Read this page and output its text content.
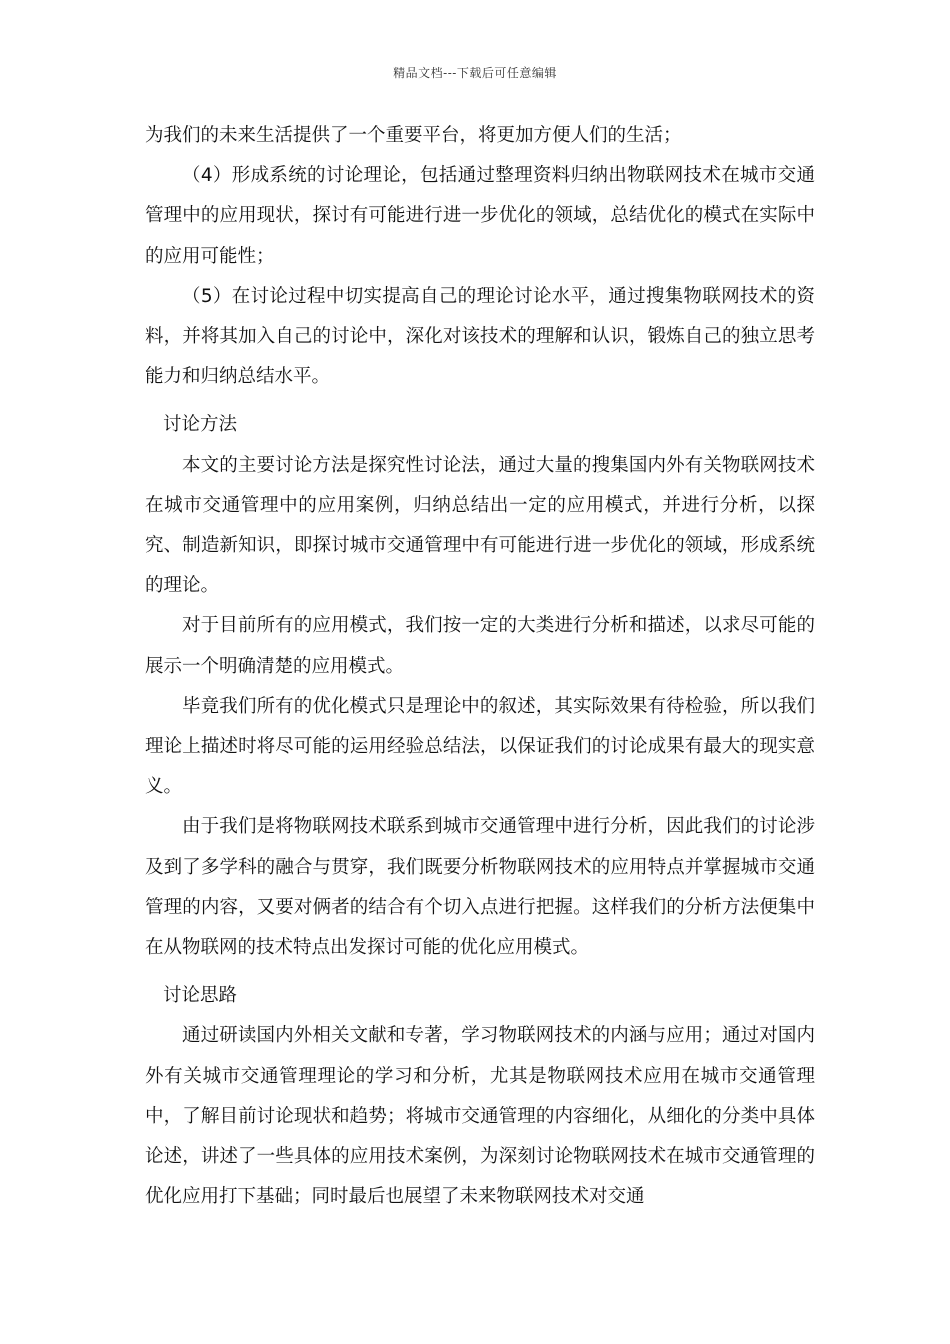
精品文档---下载后可任意编辑

为我们的未来生活提供了一个重要平台，将更加方便人们的生活；

（4）形成系统的讨论理论，包括通过整理资料归纳出物联网技术在城市交通管理中的应用现状，探讨有可能进行进一步优化的领域，总结优化的模式在实际中的应用可能性；

（5）在讨论过程中切实提高自己的理论讨论水平，通过搜集物联网技术的资料，并将其加入自己的讨论中，深化对该技术的理解和认识，锻炼自己的独立思考能力和归纳总结水平。

讨论方法

本文的主要讨论方法是探究性讨论法，通过大量的搜集国内外有关物联网技术在城市交通管理中的应用案例，归纳总结出一定的应用模式，并进行分析，以探究、制造新知识，即探讨城市交通管理中有可能进行进一步优化的领域，形成系统的理论。

对于目前所有的应用模式，我们按一定的大类进行分析和描述，以求尽可能的展示一个明确清楚的应用模式。

毕竟我们所有的优化模式只是理论中的叙述，其实际效果有待检验，所以我们理论上描述时将尽可能的运用经验总结法，以保证我们的讨论成果有最大的现实意义。

由于我们是将物联网技术联系到城市交通管理中进行分析，因此我们的讨论涉及到了多学科的融合与贯穿，我们既要分析物联网技术的应用特点并掌握城市交通管理的内容，又要对俩者的结合有个切入点进行把握。这样我们的分析方法便集中在从物联网的技术特点出发探讨可能的优化应用模式。

讨论思路

通过研读国内外相关文献和专著，学习物联网技术的内涵与应用；通过对国内外有关城市交通管理理论的学习和分析，尤其是物联网技术应用在城市交通管理中，了解目前讨论现状和趋势；将城市交通管理的内容细化，从细化的分类中具体论述，讲述了一些具体的应用技术案例，为深刻讨论物联网技术在城市交通管理的优化应用打下基础；同时最后也展望了未来物联网技术对交通
